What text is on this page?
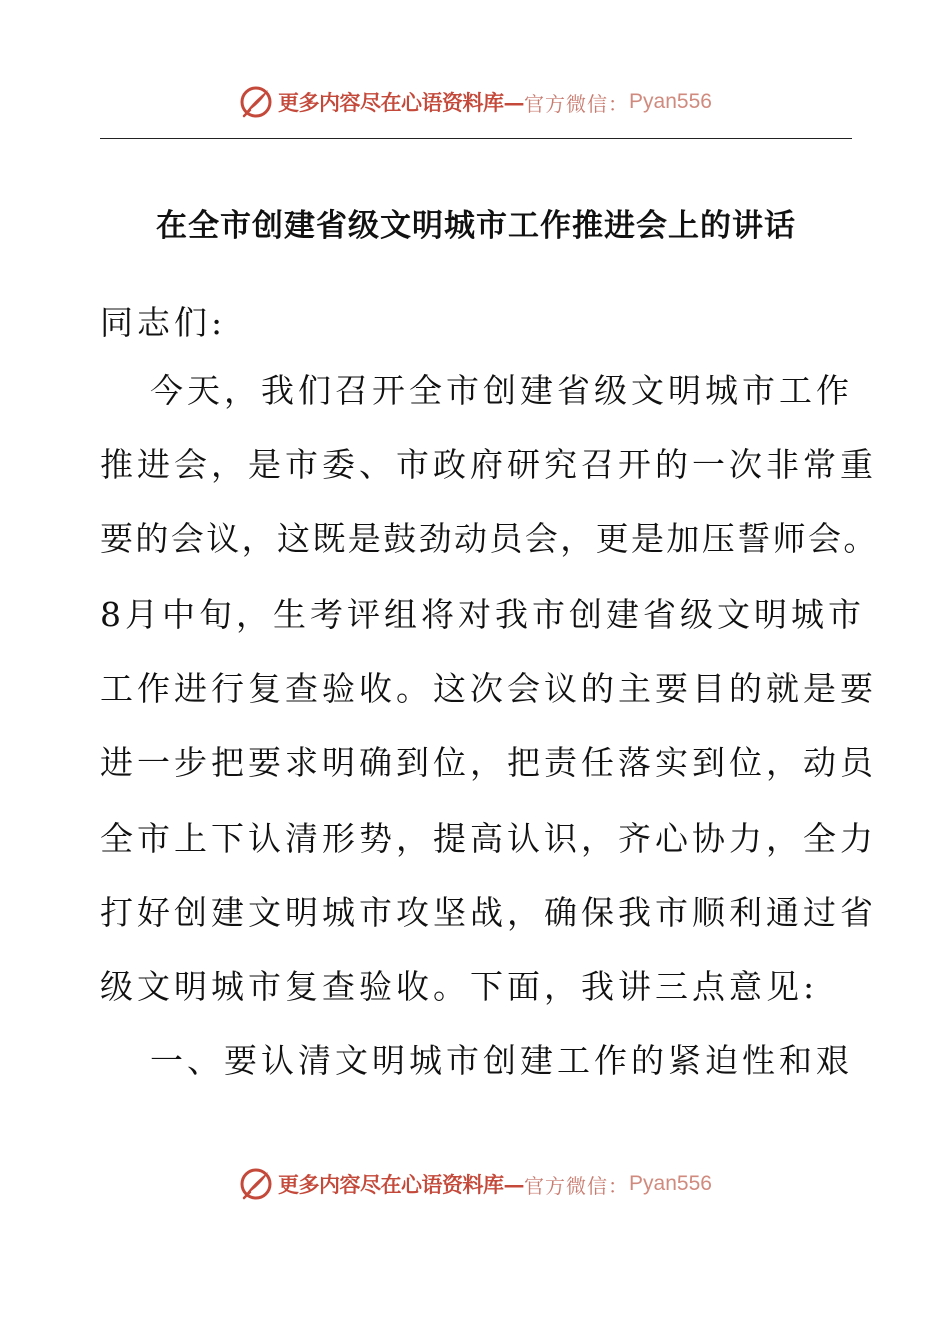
更多内容尽在心语资料库— 官方微信： Pyan556
在全市创建省级文明城市工作推进会上的讲话
同志们:
今天，我们召开全市创建省级文明城市工作
推进会，是市委、市政府研究召开的一次非常重
要的会议，这既是鼓劲动员会，更是加压誓师会。
8月中旬，生考评组将对我市创建省级文明城市
工作进行复查验收。这次会议的主要目的就是要
进一步把要求明确到位，把责任落实到位，动员
全市上下认清形势，提高认识，齐心协力，全力
打好创建文明城市攻坚战，确保我市顺利通过省
级文明城市复查验收。下面，我讲三点意见:
一、要认清文明城市创建工作的紧迫性和艰
更多内容尽在心语资料库— 官方微信： Pyan556
